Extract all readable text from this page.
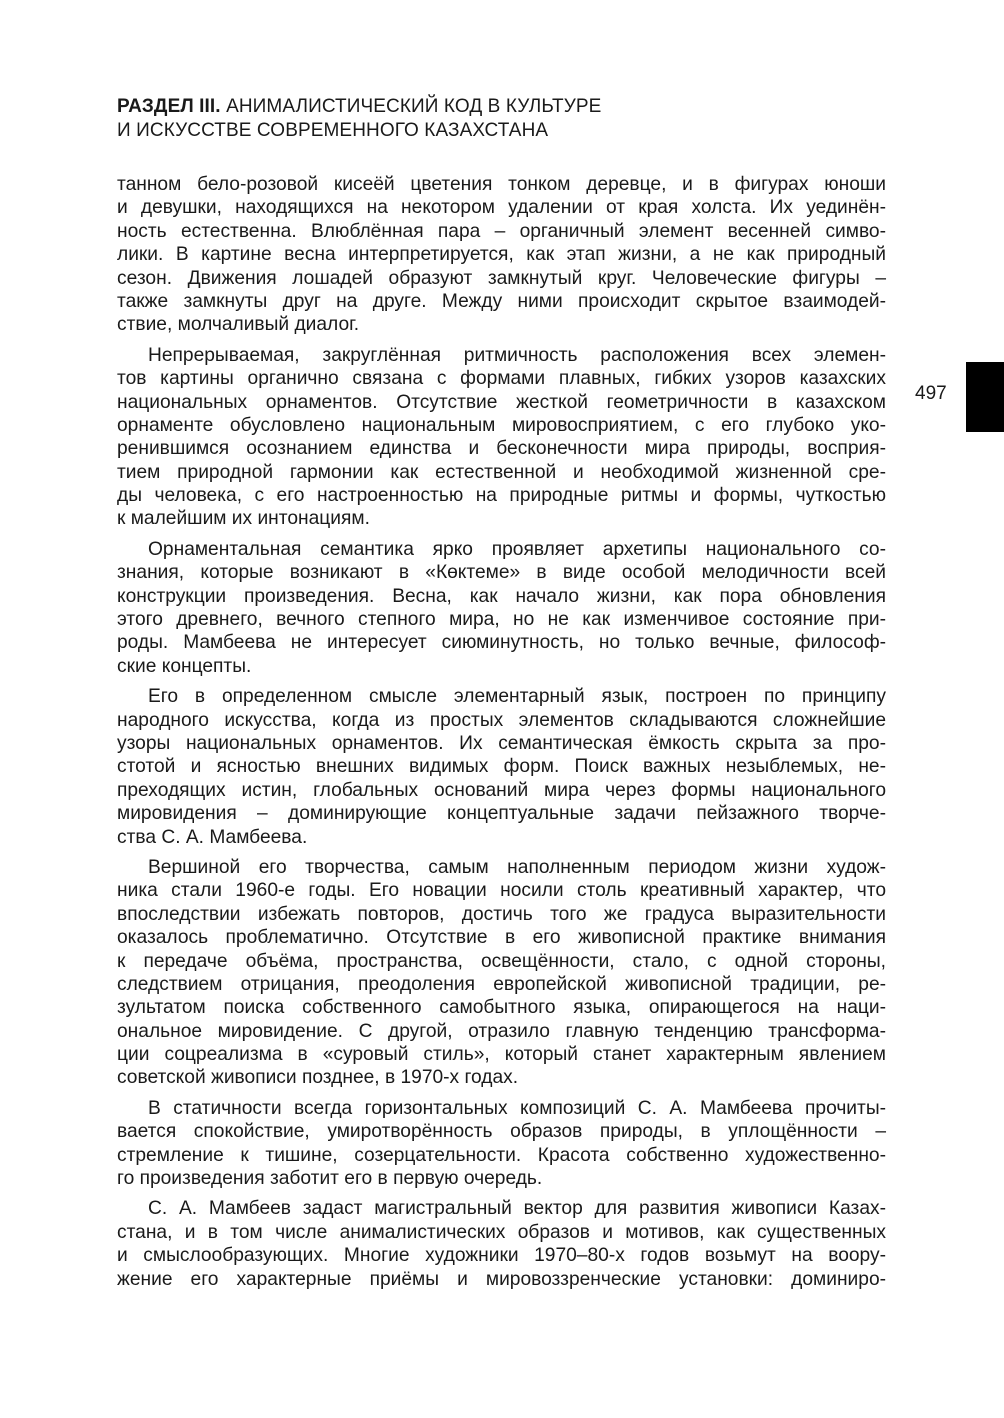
РАЗДЕЛ III. АНИМАЛИСТИЧЕСКИЙ КОД В КУЛЬТУРЕ
И ИСКУССТВЕ СОВРЕМЕННОГО КАЗАХСТАНА
497
танном бело-розовой кисеёй цветения тонком деревце, и в фигурах юноши
и девушки, находящихся на некотором удалении от края холста. Их уединён-
ность естественна. Влюблённая пара – органичный элемент весенней симво-
лики. В картине весна интерпретируется, как этап жизни, а не как природный
сезон. Движения лошадей образуют замкнутый круг. Человеческие фигуры –
также замкнуты друг на друге. Между ними происходит скрытое взаимодей-
ствие, молчаливый диалог.
Непрерываемая, закруглённая ритмичность расположения всех элемен-
тов картины органично связана с формами плавных, гибких узоров казахских
национальных орнаментов. Отсутствие жесткой геометричности в казахском
орнаменте обусловлено национальным мировосприятием, с его глубоко уко-
ренившимся осознанием единства и бесконечности мира природы, восприя-
тием природной гармонии как естественной и необходимой жизненной сре-
ды человека, с его настроенностью на природные ритмы и формы, чуткостью
к малейшим их интонациям.
Орнаментальная семантика ярко проявляет архетипы национального со-
знания, которые возникают в «Көктеме» в виде особой мелодичности всей
конструкции произведения. Весна, как начало жизни, как пора обновления
этого древнего, вечного степного мира, но не как изменчивое состояние при-
роды. Мамбеева не интересует сиюминутность, но только вечные, философ-
ские концепты.
Его в определенном смысле элементарный язык, построен по принципу
народного искусства, когда из простых элементов складываются сложнейшие
узоры национальных орнаментов. Их семантическая ёмкость скрыта за про-
стотой и ясностью внешних видимых форм. Поиск важных незыблемых, не-
преходящих истин, глобальных оснований мира через формы национального
мировидения – доминирующие концептуальные задачи пейзажного творче-
ства С. А. Мамбеева.
Вершиной его творчества, самым наполненным периодом жизни худож-
ника стали 1960-е годы. Его новации носили столь креативный характер, что
впоследствии избежать повторов, достичь того же градуса выразительности
оказалось проблематично. Отсутствие в его живописной практике внимания
к передаче объёма, пространства, освещённости, стало, с одной стороны,
следствием отрицания, преодоления европейской живописной традиции, ре-
зультатом поиска собственного самобытного языка, опирающегося на наци-
ональное мировидение. С другой, отразило главную тенденцию трансформа-
ции соцреализма в «суровый стиль», который станет характерным явлением
советской живописи позднее, в 1970-х годах.
В статичности всегда горизонтальных композиций С. А. Мамбеева прочиты-
вается спокойствие, умиротворённость образов природы, в уплощённости –
стремление к тишине, созерцательности. Красота собственно художественно-
го произведения заботит его в первую очередь.
С. А. Мамбеев задаст магистральный вектор для развития живописи Казах-
стана, и в том числе анималистических образов и мотивов, как существенных
и смыслообразующих. Многие художники 1970–80-х годов возьмут на воору-
жение его характерные приёмы и мировоззренческие установки: доминиро-
